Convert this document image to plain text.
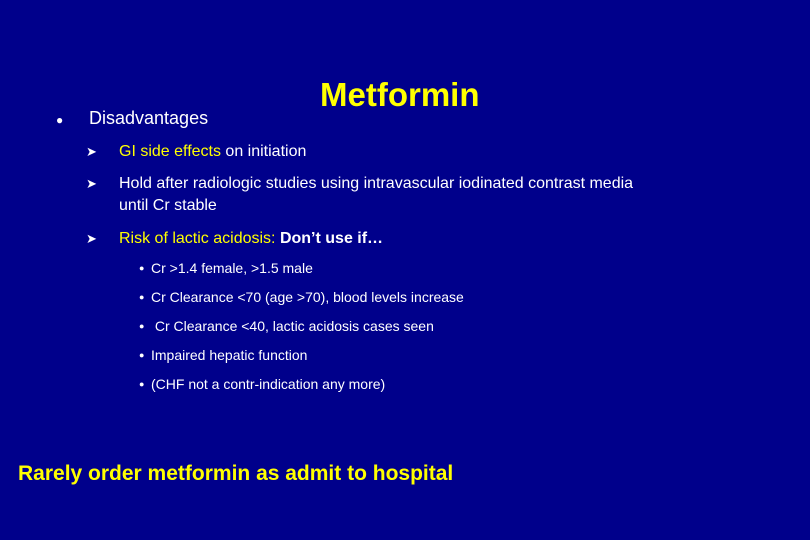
Metformin
● Disadvantages
➤ GI side effects on initiation
➤ Hold after radiologic studies using intravascular iodinated contrast media
until Cr stable
➤ Risk of lactic acidosis: Don’t use if…
● Cr >1.4 female, >1.5 male
● Cr Clearance <70 (age >70), blood levels increase
● Cr Clearance <40, lactic acidosis cases seen
● Impaired hepatic function
● (CHF not a contr-indication any more)
Rarely order metformin as admit to hospital
